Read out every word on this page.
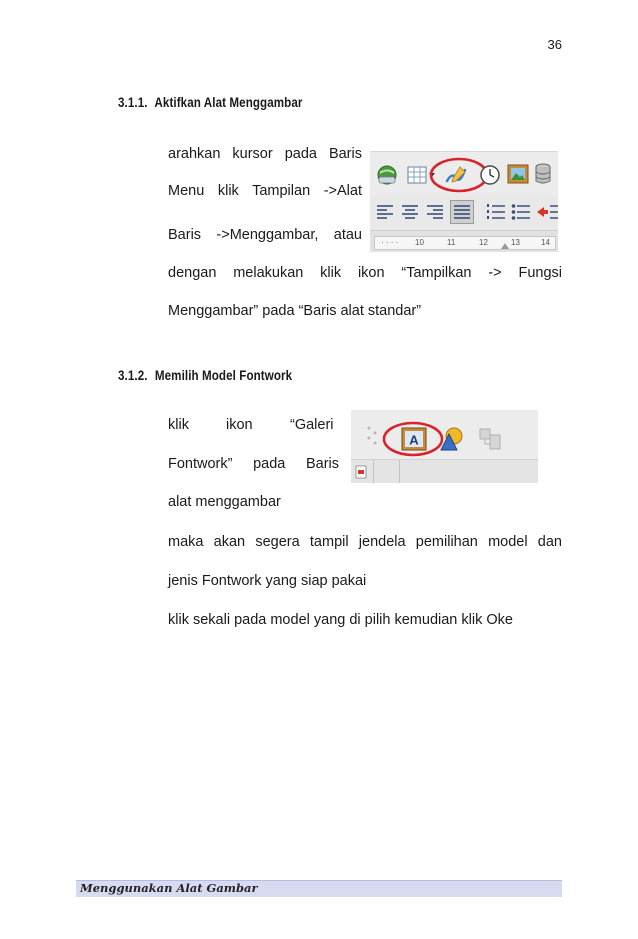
36
3.1.1. Aktifkan Alat Menggambar
arahkan kursor pada Baris
Menu klik Tampilan ->Alat
Baris ->Menggambar, atau
dengan melakukan klik ikon “Tampilkan -> Fungsi
Menggambar” pada “Baris alat standar”
· · · · 10	11	12	13	14
3.1.2. Memilih Model Fontwork
klik	ikon	“Galeri
Fontwork” pada Baris
alat menggambar
maka akan segera tampil jendela pemilihan model dan
jenis Fontwork yang siap pakai
klik sekali pada model yang di pilih kemudian klik Oke
A
Menggunakan Alat Gambar
